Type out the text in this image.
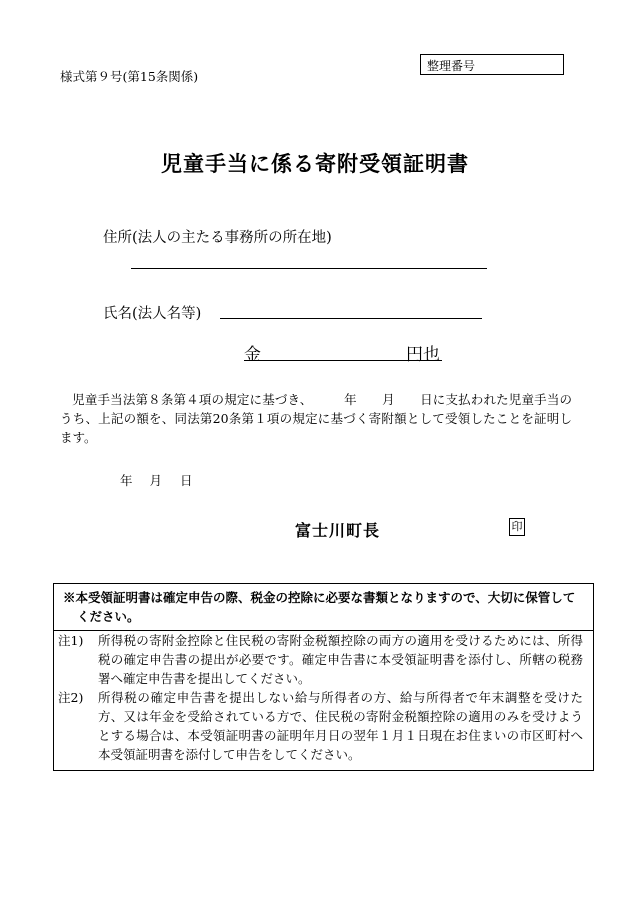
様式第９号(第15条関係)
整理番号
児童手当に係る寄附受領証明書
住所(法人の主たる事務所の所在地)
氏名(法人名等)
金	円也
児童手当法第８条第４項の規定に基づき、　　　年　　月　　日に支払われた児童手当のうち、上記の額を、同法第20条第１項の規定に基づく寄附額として受領したことを証明します。
年 月 日
富士川町長	印
※本受領証明書は確定申告の際、税金の控除に必要な書類となりますので、大切に保管して
ください。
注1)	所得税の寄附金控除と住民税の寄附金税額控除の両方の適用を受けるためには、所得税の確定申告書の提出が必要です。確定申告書に本受領証明書を添付し、所轄の税務署へ確定申告書を提出してください。
注2)	所得税の確定申告書を提出しない給与所得者の方、給与所得者で年末調整を受けた方、又は年金を受給されている方で、住民税の寄附金税額控除の適用のみを受けようとする場合は、本受領証明書の証明年月日の翌年１月１日現在お住まいの市区町村へ本受領証明書を添付して申告をしてください。
